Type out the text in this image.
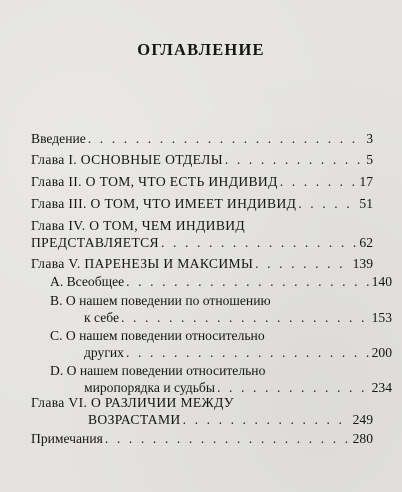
ОГЛАВЛЕНИЕ
Введение . . .	3
Глава I. ОСНОВНЫЕ ОТДЕЛЫ . . .	5
Глава II. О ТОМ, ЧТО ЕСТЬ ИНДИВИД . . .	17
Глава III. О ТОМ, ЧТО ИМЕЕТ ИНДИВИД . . .	51
Глава IV. О ТОМ, ЧЕМ ИНДИВИД
ПРЕДСТАВЛЯЕТСЯ . . .	62
Глава V. ПАРЕНЕЗЫ И МАКСИМЫ . . .	139
А. Всеобщее . . .	140
В. О нашем поведении по отношению
к себе . . .	153
С. О нашем поведении относительно
других . . .	200
D. О нашем поведении относительно
миропорядка и судьбы . . .	234
Глава VI. О РАЗЛИЧИИ МЕЖДУ
ВОЗРАСТАМИ . . .	249
Примечания . . .	280
